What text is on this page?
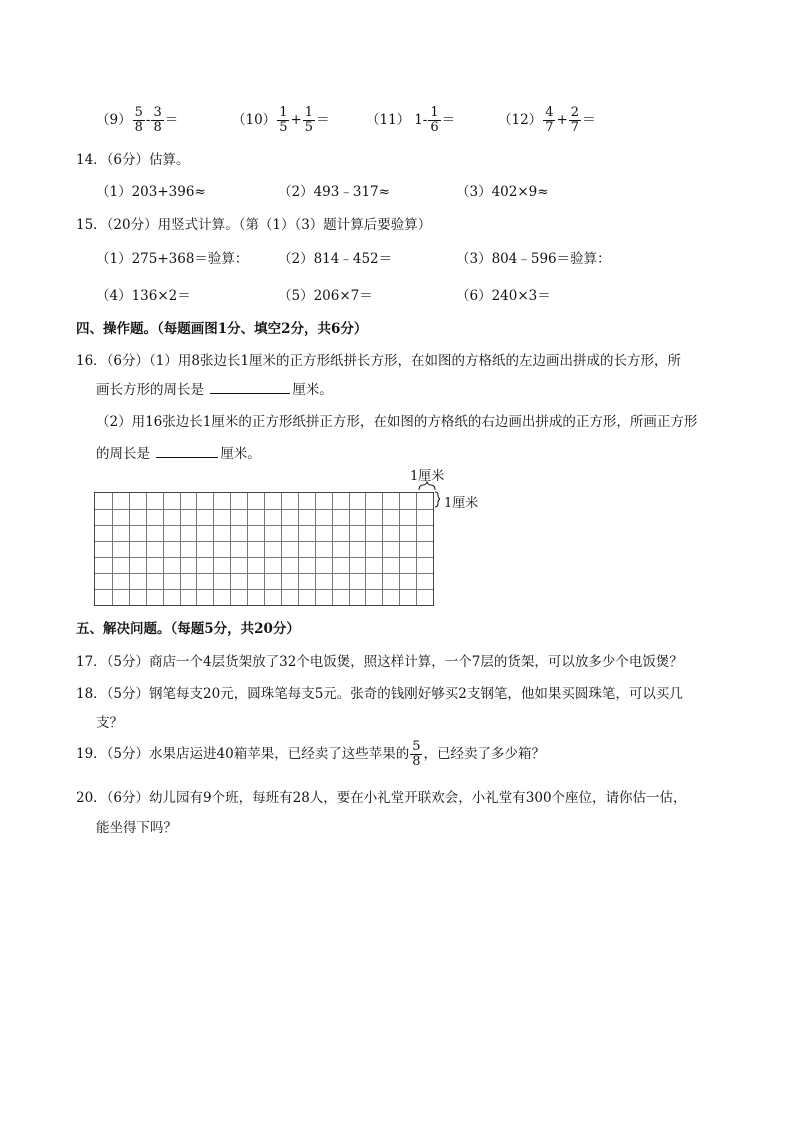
$(9) \frac{5}{8} - \frac{3}{8}$ ＝	$(10) \frac{1}{5} + \frac{1}{5}$ ＝	（11） $1- \frac{1}{6}$ ＝	$(12) \frac{4}{7} + \frac{2}{7}$ ＝
14．（6分）估算。
（1）203+396≈	（2）493﹣317≈	（3）402×9≈
15．（20分）用竖式计算。（第（1）（3）题计算后要验算）
（1）275+368＝验算： （2）814﹣452＝	（3）804﹣596＝验算：
（4）136×2＝	（5）206×7＝	（6）240×3＝
四、操作题。（每题画图1分、填空2分，共6分）
16．（6分）（1）用8张边长1厘米的正方形纸拼长方形，在如图的方格纸的左边画出拼成的长方形，所
画长方形的周长是	厘米。
（2）用16张边长1厘米的正方形纸拼正方形，在如图的方格纸的右边画出拼成的正方形，所画正方形
的周长是	厘米。
1厘米
1厘米
五、解决问题。（每题5分，共20分）
17．（5分）商店一个4层货架放了32个电饭煲，照这样计算，一个7层的货架，可以放多少个电饭煲？
18．（5分）钢笔每支20元，圆珠笔每支5元。张奇的钱刚好够买2支钢笔，他如果买圆珠笔，可以买几
支？
19．（5分）水果店运进40箱苹果，已经卖了这些苹果的 $\frac{5}{8}$ ，已经卖了多少箱？
20．（6分）幼儿园有9个班，每班有28人，要在小礼堂开联欢会，小礼堂有300个座位，请你估一估，
能坐得下吗？
